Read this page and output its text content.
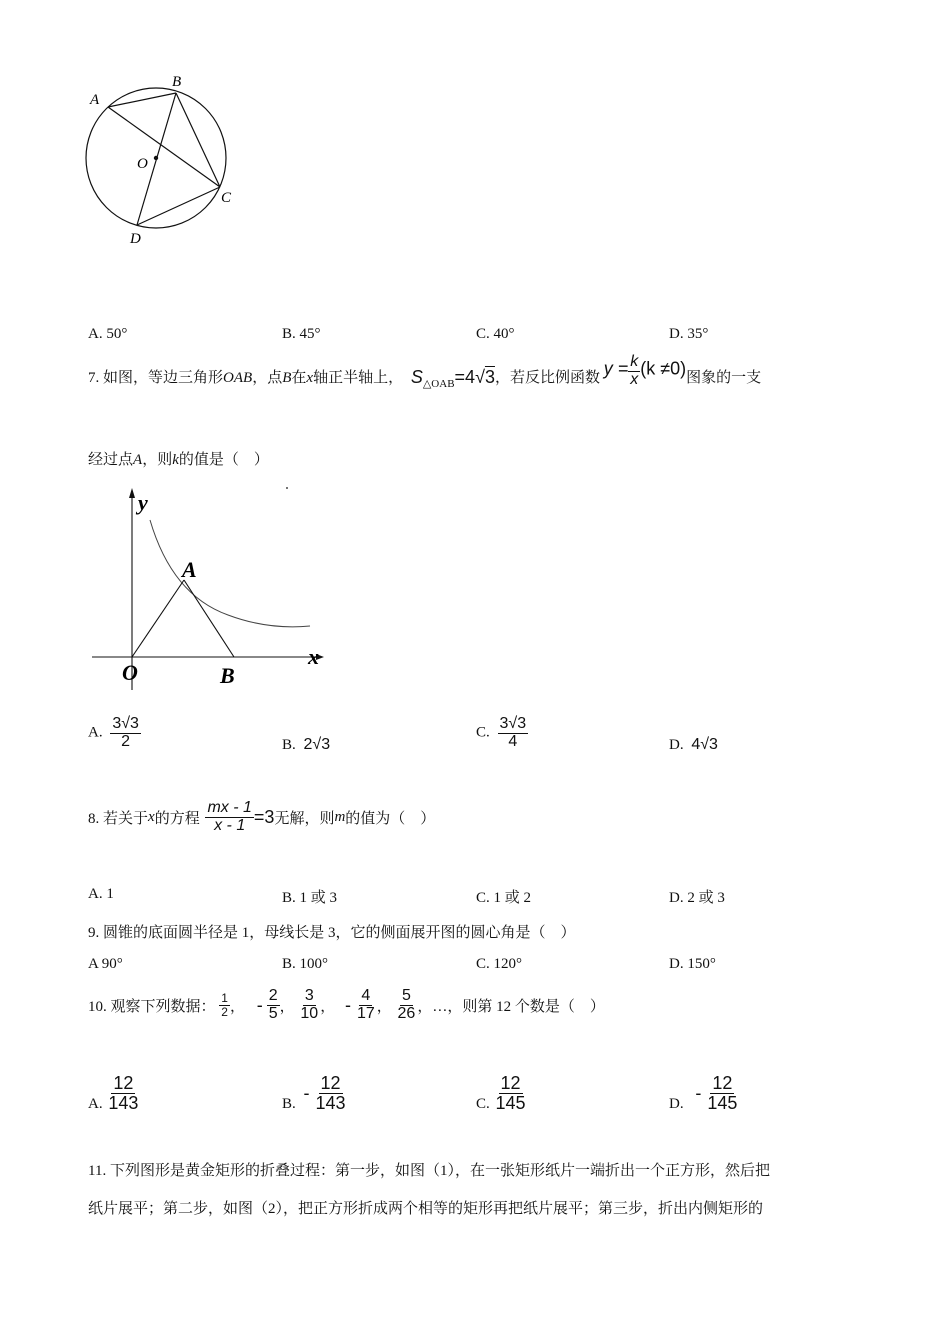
A
B
C
D
O
A. 50°	B. 45°	C. 40°	D. 35°
7. 如图，等边三角形OAB，点B在x轴正半轴上， $S_{\triangle OAB}=4√3$，若反比例函数 $y = \frac{k}{x} (k \ne 0)$图象的一支
经过点A，则k的值是（　）
y
x
O
A
B
A. $\frac{3√3}{2}$	B. 2√3
C. $\frac{3√3}{4}$	D. 4√3
8. 若关于x的方程 $\frac{mx - 1}{x - 1} =3$无解，则m的值为（　）
A. 1	B. 1 或 3	C. 1 或 2	D. 2 或 3
9. 圆锥的底面圆半径是 1，母线长是 3，它的侧面展开图的圆心角是（　）
A 90°	B. 100°	C. 120°	D. 150°
10. 观察下列数据： $\frac{1}{2}$ ， - $\frac{2}{5}$ ， $\frac{3}{10}$ ， - $\frac{4}{17}$ ， $\frac{5}{26}$ ，…，则第 12 个数是（　）
A. $\frac{12}{143}$	B. - $\frac{12}{143}$	C. $\frac{12}{145}$	D. - $\frac{12}{145}$
11. 下列图形是黄金矩形的折叠过程：第一步，如图（1），在一张矩形纸片一端折出一个正方形，然后把
纸片展平；第二步，如图（2），把正方形折成两个相等的矩形再把纸片展平；第三步，折出内侧矩形的
